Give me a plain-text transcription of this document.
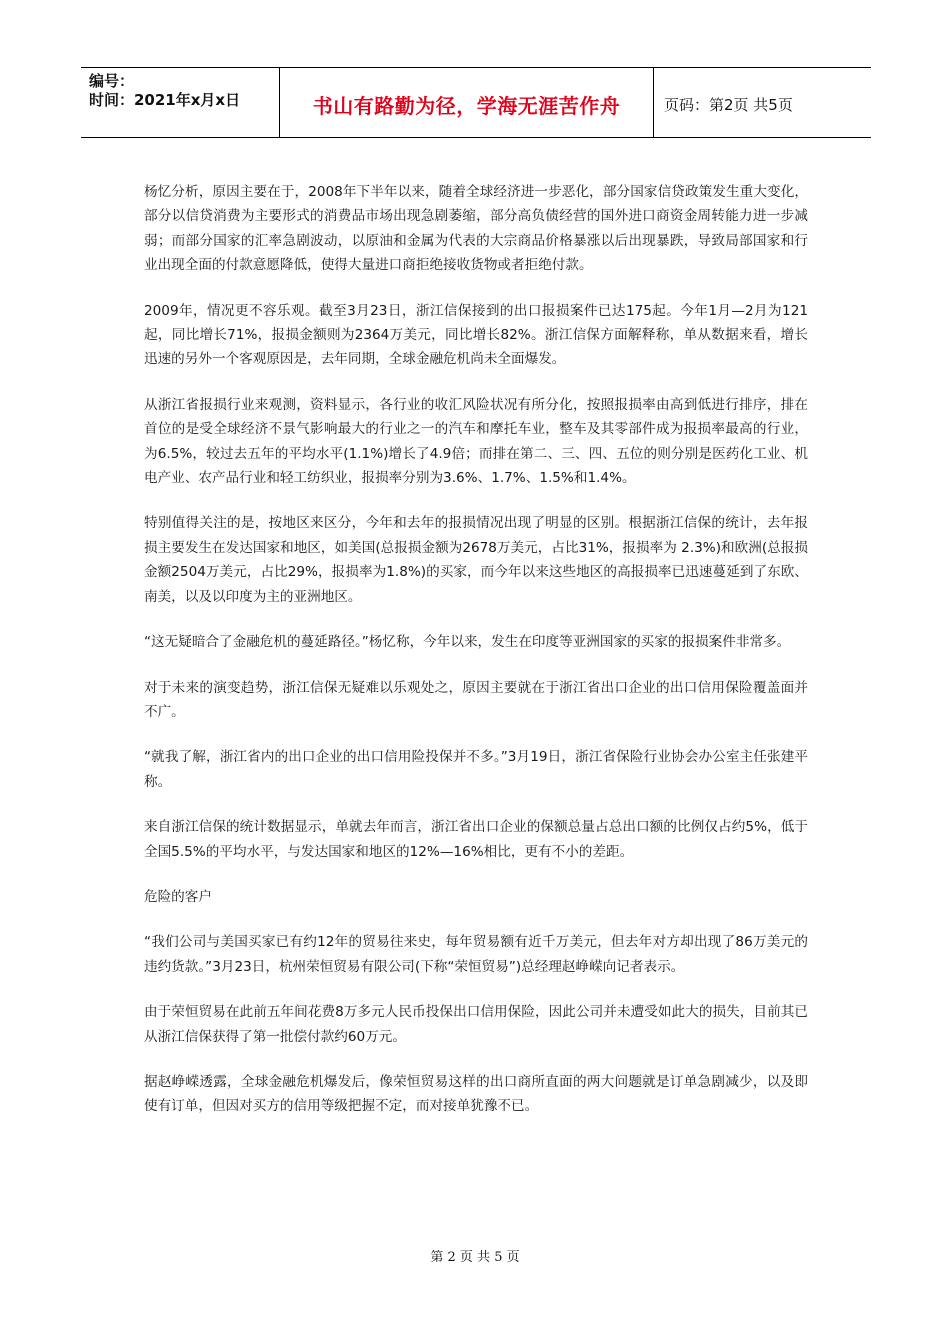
编号：
时间：2021年x月x日	书山有路勤为径，学海无涯苦作舟	页码：第2页 共5页

杨忆分析，原因主要在于，2008年下半年以来，随着全球经济进一步恶化，部分国家信贷政策发生重大变化，部分以信贷消费为主要形式的消费品市场出现急剧萎缩，部分高负债经营的国外进口商资金周转能力进一步减弱；而部分国家的汇率急剧波动，以原油和金属为代表的大宗商品价格暴涨以后出现暴跌，导致局部国家和行业出现全面的付款意愿降低，使得大量进口商拒绝接收货物或者拒绝付款。

2009年，情况更不容乐观。截至3月23日，浙江信保接到的出口报损案件已达175起。今年1月—2月为121起，同比增长71%，报损金额则为2364万美元，同比增长82%。浙江信保方面解释称，单从数据来看，增长迅速的另外一个客观原因是，去年同期，全球金融危机尚未全面爆发。

从浙江省报损行业来观测，资料显示，各行业的收汇风险状况有所分化，按照报损率由高到低进行排序，排在首位的是受全球经济不景气影响最大的行业之一的汽车和摩托车业，整车及其零部件成为报损率最高的行业，为6.5%，较过去五年的平均水平(1.1%)增长了4.9倍；而排在第二、三、四、五位的则分别是医药化工业、机电产业、农产品行业和轻工纺织业，报损率分别为3.6%、1.7%、1.5%和1.4%。

特别值得关注的是，按地区来区分，今年和去年的报损情况出现了明显的区别。根据浙江信保的统计，去年报损主要发生在发达国家和地区，如美国(总报损金额为2678万美元，占比31%，报损率为 2.3%)和欧洲(总报损金额2504万美元，占比29%，报损率为1.8%)的买家，而今年以来这些地区的高报损率已迅速蔓延到了东欧、南美，以及以印度为主的亚洲地区。

“这无疑暗合了金融危机的蔓延路径。”杨忆称，今年以来，发生在印度等亚洲国家的买家的报损案件非常多。

对于未来的演变趋势，浙江信保无疑难以乐观处之，原因主要就在于浙江省出口企业的出口信用保险覆盖面并不广。

“就我了解，浙江省内的出口企业的出口信用险投保并不多。”3月19日，浙江省保险行业协会办公室主任张建平称。

来自浙江信保的统计数据显示，单就去年而言，浙江省出口企业的保额总量占总出口额的比例仅占约5%，低于全国5.5%的平均水平，与发达国家和地区的12%—16%相比，更有不小的差距。

危险的客户

“我们公司与美国买家已有约12年的贸易往来史，每年贸易额有近千万美元，但去年对方却出现了86万美元的违约货款。”3月23日，杭州荣恒贸易有限公司(下称“荣恒贸易”)总经理赵峥嵘向记者表示。

由于荣恒贸易在此前五年间花费8万多元人民币投保出口信用保险，因此公司并未遭受如此大的损失，目前其已从浙江信保获得了第一批偿付款约60万元。

据赵峥嵘透露，全球金融危机爆发后，像荣恒贸易这样的出口商所直面的两大问题就是订单急剧减少，以及即使有订单，但因对买方的信用等级把握不定，而对接单犹豫不已。

第 2 页 共 5 页
